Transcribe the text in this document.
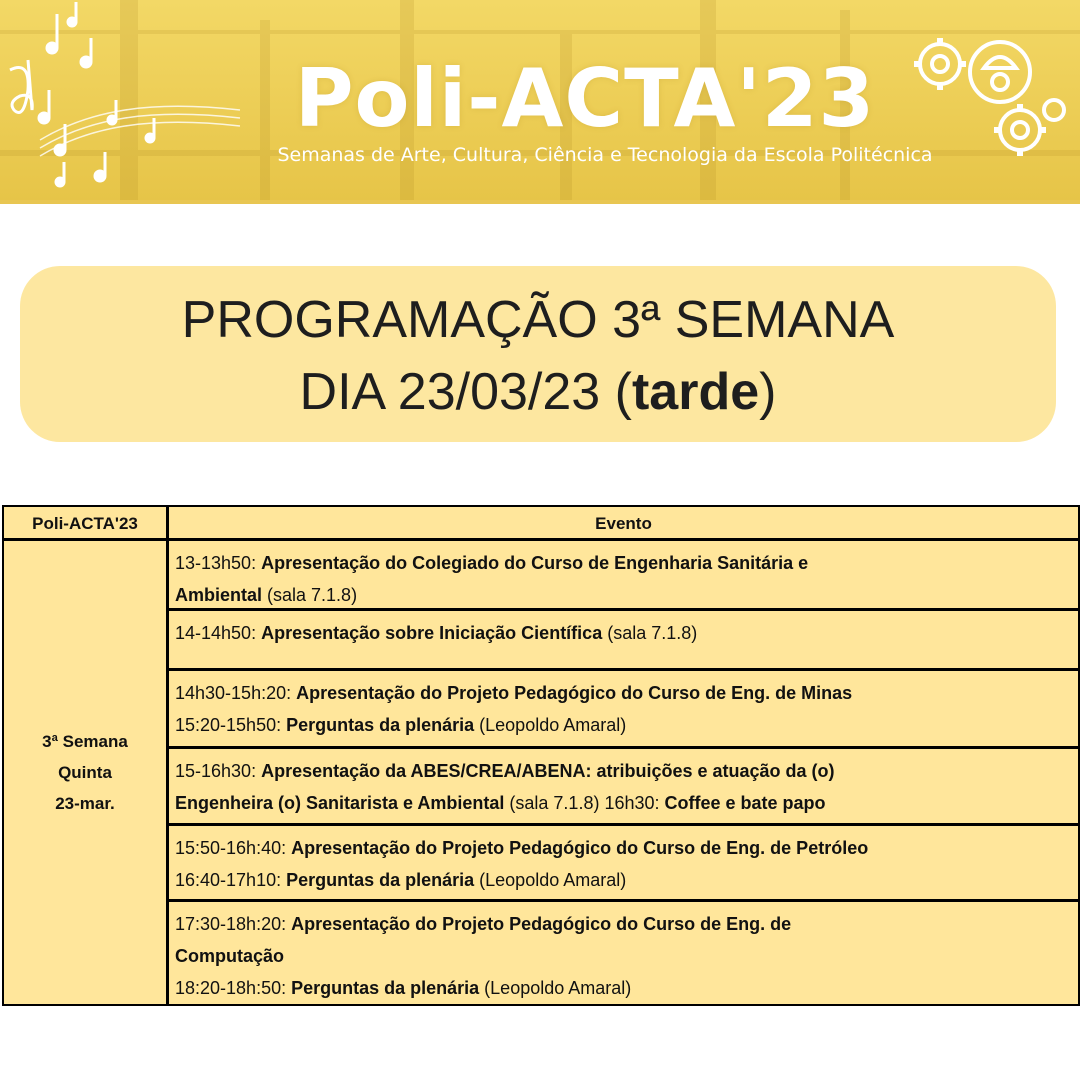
Poli-ACTA'23
Semanas de Arte, Cultura, Ciência e Tecnologia da Escola Politécnica
PROGRAMAÇÃO 3ª SEMANA
DIA 23/03/23 (tarde)
Poli-ACTA'23	Evento
3ª Semana
Quinta
23-mar.
13-13h50: Apresentação do Colegiado do Curso de Engenharia Sanitária e
Ambiental (sala 7.1.8)
14-14h50: Apresentação sobre Iniciação Científica (sala 7.1.8)
14h30-15h:20: Apresentação do Projeto Pedagógico do Curso de Eng. de Minas
15:20-15h50: Perguntas da plenária (Leopoldo Amaral)
15-16h30: Apresentação da ABES/CREA/ABENA: atribuições e atuação da (o)
Engenheira (o) Sanitarista e Ambiental (sala 7.1.8) 16h30: Coffee e bate papo
15:50-16h:40: Apresentação do Projeto Pedagógico do Curso de Eng. de Petróleo
16:40-17h10: Perguntas da plenária (Leopoldo Amaral)
17:30-18h:20: Apresentação do Projeto Pedagógico do Curso de Eng. de
Computação
18:20-18h:50: Perguntas da plenária (Leopoldo Amaral)
